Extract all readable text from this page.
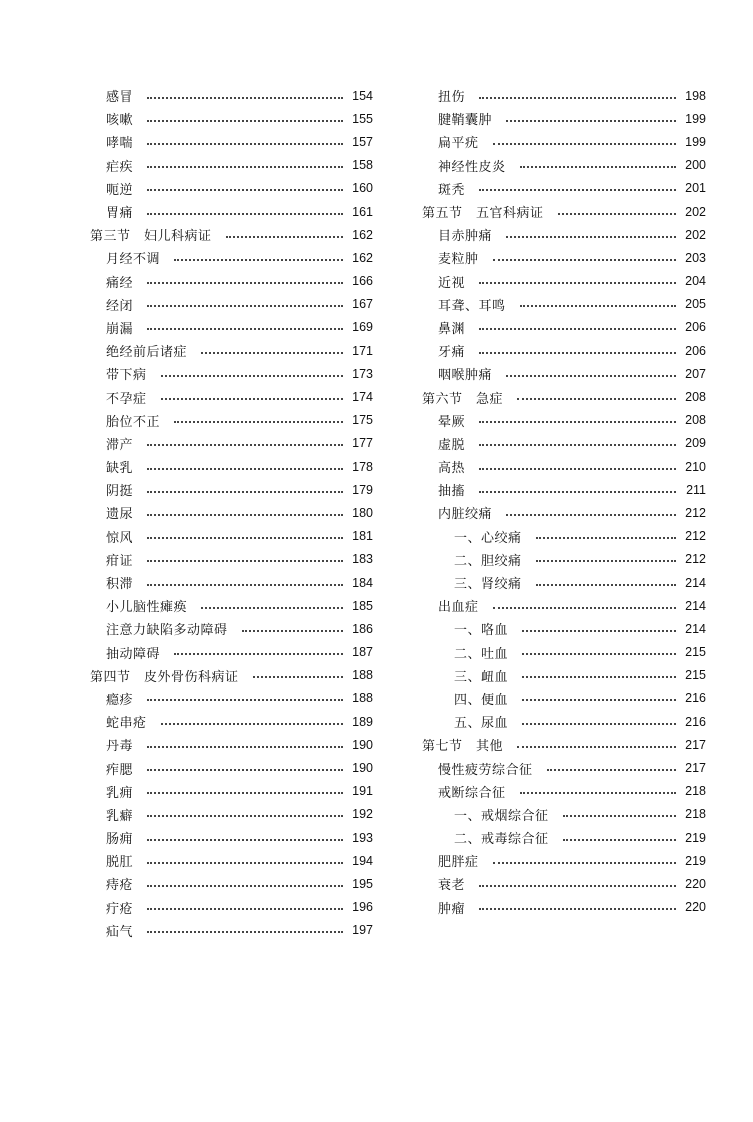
感冒	154
咳嗽	155
哮喘	157
疟疾	158
呃逆	160
胃痛	161
第三节　妇儿科病证	162
月经不调	162
痛经	166
经闭	167
崩漏	169
绝经前后诸症	171
带下病	173
不孕症	174
胎位不正	175
滞产	177
缺乳	178
阴挺	179
遗尿	180
惊风	181
疳证	183
积滞	184
小儿脑性瘫痪	185
注意力缺陷多动障碍	186
抽动障碍	187
第四节　皮外骨伤科病证	188
瘾疹	188
蛇串疮	189
丹毒	190
痄腮	190
乳痈	191
乳癖	192
肠痈	193
脱肛	194
痔疮	195
疔疮	196
疝气	197
扭伤	198
腱鞘囊肿	199
扁平疣	199
神经性皮炎	200
斑秃	201
第五节　五官科病证	202
目赤肿痛	202
麦粒肿	203
近视	204
耳聋、耳鸣	205
鼻渊	206
牙痛	206
咽喉肿痛	207
第六节　急症	208
晕厥	208
虚脱	209
高热	210
抽搐	211
内脏绞痛	212
一、心绞痛	212
二、胆绞痛	212
三、肾绞痛	214
出血症	214
一、咯血	214
二、吐血	215
三、衄血	215
四、便血	216
五、尿血	216
第七节　其他	217
慢性疲劳综合征	217
戒断综合征	218
一、戒烟综合征	218
二、戒毒综合征	219
肥胖症	219
衰老	220
肿瘤	220
